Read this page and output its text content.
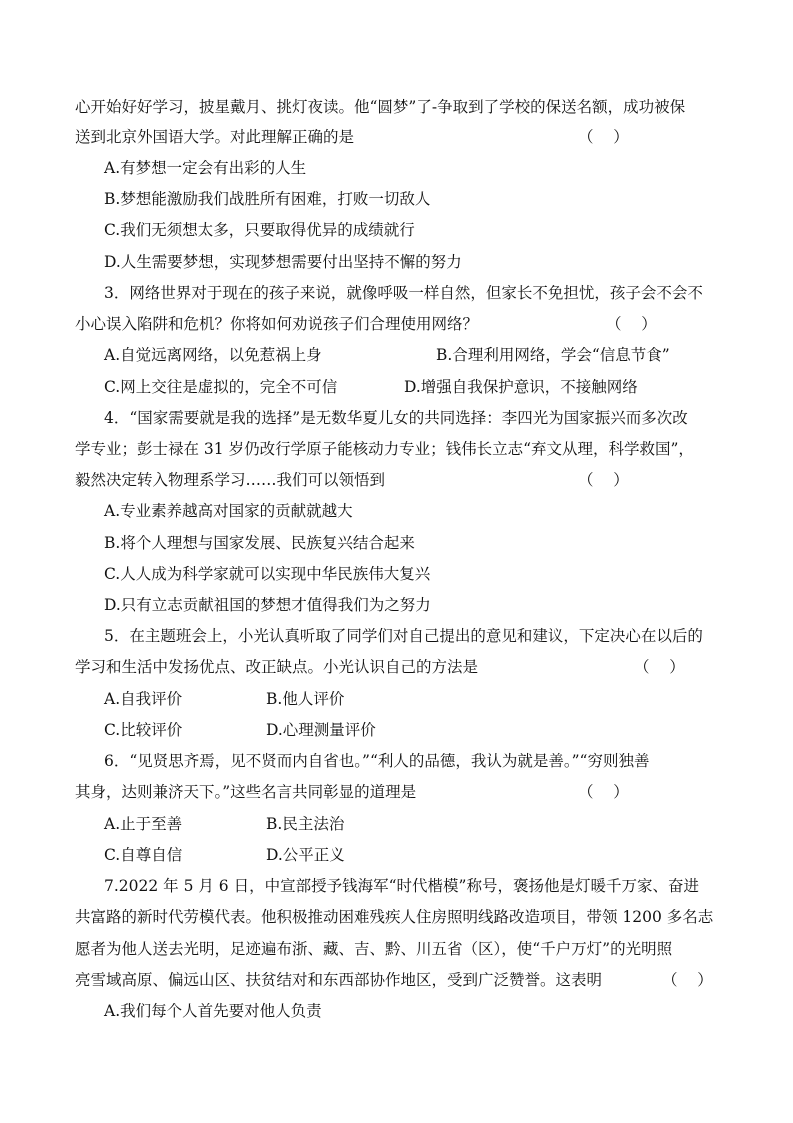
心开始好好学习，披星戴月、挑灯夜读。他“圆梦”了-争取到了学校的保送名额，成功被保
送到北京外国语大学。对此理解正确的是	（    ）
A.有梦想一定会有出彩的人生
B.梦想能激励我们战胜所有困难，打败一切敌人
C.我们无须想太多，只要取得优异的成绩就行
D.人生需要梦想，实现梦想需要付出坚持不懈的努力
3．网络世界对于现在的孩子来说，就像呼吸一样自然，但家长不免担忧，孩子会不会不
小心误入陷阱和危机？你将如何劝说孩子们合理使用网络？	（    ）
A.自觉远离网络，以免惹祸上身	B.合理利用网络，学会“信息节食”
C.网上交往是虚拟的，完全不可信	D.增强自我保护意识，不接触网络
4．“国家需要就是我的选择”是无数华夏儿女的共同选择：李四光为国家振兴而多次改
学专业；彭士禄在 31 岁仍改行学原子能核动力专业；钱伟长立志“弃文从理，科学救国”，
毅然决定转入物理系学习……我们可以领悟到	（    ）
A.专业素养越高对国家的贡献就越大
B.将个人理想与国家发展、民族复兴结合起来
C.人人成为科学家就可以实现中华民族伟大复兴
D.只有立志贡献祖国的梦想才值得我们为之努力
5．在主题班会上，小光认真听取了同学们对自己提出的意见和建议，下定决心在以后的
学习和生活中发扬优点、改正缺点。小光认识自己的方法是	（    ）
A.自我评价	B.他人评价
C.比较评价	D.心理测量评价
6．“见贤思齐焉，见不贤而内自省也。”“利人的品德，我认为就是善。”“穷则独善
其身，达则兼济天下。”这些名言共同彰显的道理是	（    ）
A.止于至善	B.民主法治
C.自尊自信	D.公平正义
7.2022 年 5 月 6 日，中宣部授予钱海军“时代楷模”称号，褒扬他是灯暖千万家、奋进
共富路的新时代劳模代表。他积极推动困难残疾人住房照明线路改造项目，带领 1200 多名志
愿者为他人送去光明，足迹遍布浙、藏、吉、黔、川五省（区），使“千户万灯”的光明照
亮雪域高原、偏远山区、扶贫结对和东西部协作地区，受到广泛赞誉。这表明	（    ）
A.我们每个人首先要对他人负责
